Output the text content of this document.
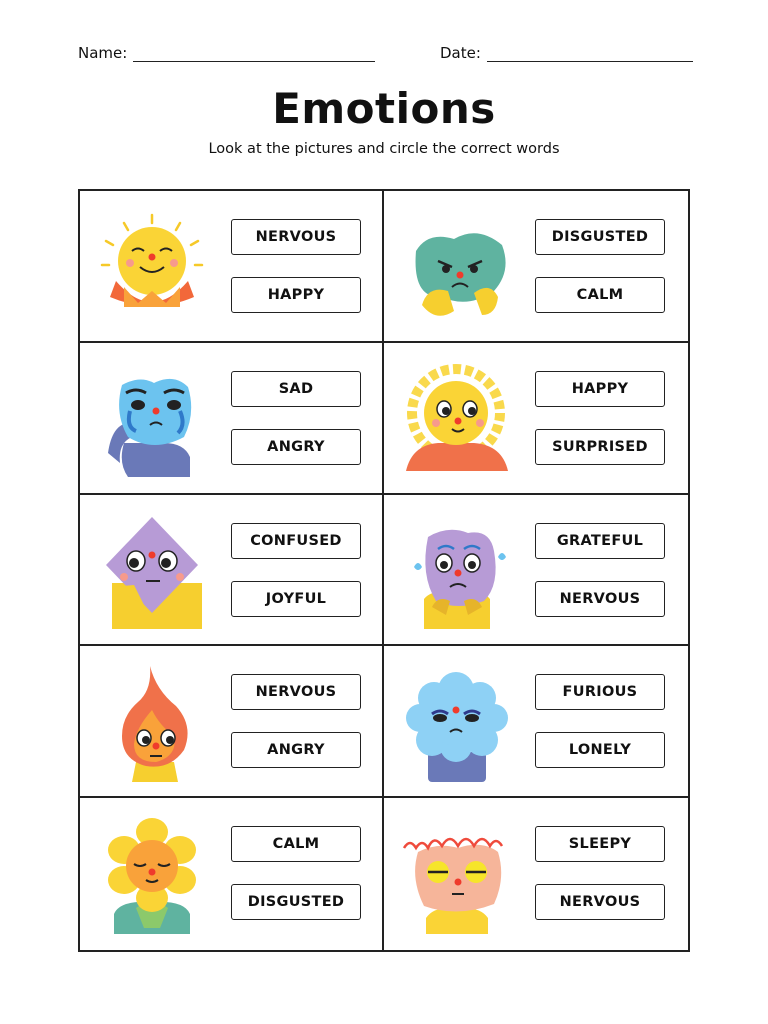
Name:	Date:
Emotions
Look at the pictures and circle the correct words
NERVOUS
HAPPY
DISGUSTED
CALM
SAD
ANGRY
HAPPY
SURPRISED
CONFUSED
JOYFUL
GRATEFUL
NERVOUS
NERVOUS
ANGRY
FURIOUS
LONELY
CALM
DISGUSTED
SLEEPY
NERVOUS
